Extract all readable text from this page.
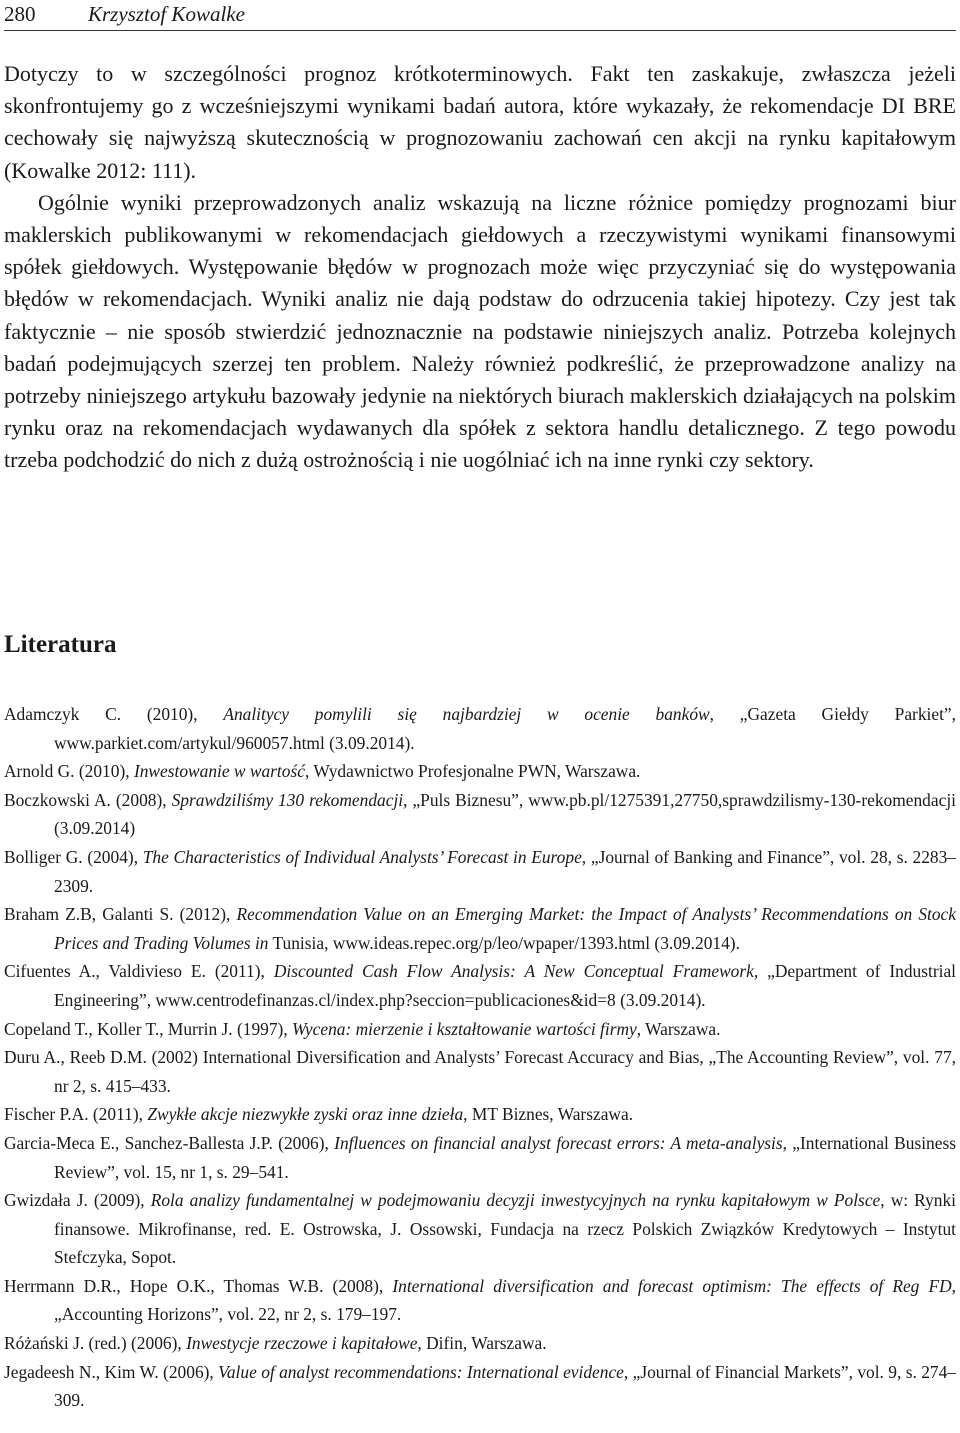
280	Krzysztof Kowalke

Dotyczy to w szczególności prognoz krótkoterminowych. Fakt ten zaskakuje, zwłaszcza jeżeli skonfrontujemy go z wcześniejszymi wynikami badań autora, które wykazały, że rekomendacje DI BRE cechowały się najwyższą skutecznością w prognozowaniu zachowań cen akcji na rynku kapitałowym (Kowalke 2012: 111).

Ogólnie wyniki przeprowadzonych analiz wskazują na liczne różnice pomiędzy prognozami biur maklerskich publikowanymi w rekomendacjach giełdowych a rzeczywistymi wynikami finansowymi spółek giełdowych. Występowanie błędów w prognozach może więc przyczyniać się do występowania błędów w rekomendacjach. Wyniki analiz nie dają podstaw do odrzucenia takiej hipotezy. Czy jest tak faktycznie – nie sposób stwierdzić jednoznacznie na podstawie niniejszych analiz. Potrzeba kolejnych badań podejmujących szerzej ten problem. Należy również podkreślić, że przeprowadzone analizy na potrzeby niniejszego artykułu bazowały jedynie na niektórych biurach maklerskich działających na polskim rynku oraz na rekomendacjach wydawanych dla spółek z sektora handlu detalicznego. Z tego powodu trzeba podchodzić do nich z dużą ostrożnością i nie uogólniać ich na inne rynki czy sektory.

Literatura

Adamczyk C. (2010), Analitycy pomylili się najbardziej w ocenie banków, „Gazeta Giełdy Parkiet”, www.parkiet.com/artykul/960057.html (3.09.2014).

Arnold G. (2010), Inwestowanie w wartość, Wydawnictwo Profesjonalne PWN, Warszawa.

Boczkowski A. (2008), Sprawdziliśmy 130 rekomendacji, „Puls Biznesu”, www.pb.pl/1275391,27750,sprawdzilismy-130-rekomendacji (3.09.2014)

Bolliger G. (2004), The Characteristics of Individual Analysts’ Forecast in Europe, „Journal of Banking and Finance”, vol. 28, s. 2283–2309.

Braham Z.B, Galanti S. (2012), Recommendation Value on an Emerging Market: the Impact of Analysts’ Recommendations on Stock Prices and Trading Volumes in Tunisia, www.ideas.repec.org/p/leo/wpaper/1393.html (3.09.2014).

Cifuentes A., Valdivieso E. (2011), Discounted Cash Flow Analysis: A New Conceptual Framework, „Department of Industrial Engineering”, www.centrodefinanzas.cl/index.php?seccion=publicaciones&id=8 (3.09.2014).

Copeland T., Koller T., Murrin J. (1997), Wycena: mierzenie i kształtowanie wartości firmy, Warszawa.

Duru A., Reeb D.M. (2002) International Diversification and Analysts’ Forecast Accuracy and Bias, „The Accounting Review”, vol. 77, nr 2, s. 415–433.

Fischer P.A. (2011), Zwykłe akcje niezwykłe zyski oraz inne dzieła, MT Biznes, Warszawa.

Garcia-Meca E., Sanchez-Ballesta J.P. (2006), Influences on financial analyst forecast errors: A meta-analysis, „International Business Review”, vol. 15, nr 1, s. 29–541.

Gwizdała J. (2009), Rola analizy fundamentalnej w podejmowaniu decyzji inwestycyjnych na rynku kapitałowym w Polsce, w: Rynki finansowe. Mikrofinanse, red. E. Ostrowska, J. Ossowski, Fundacja na rzecz Polskich Związków Kredytowych – Instytut Stefczyka, Sopot.

Herrmann D.R., Hope O.K., Thomas W.B. (2008), International diversification and forecast optimism: The effects of Reg FD, „Accounting Horizons”, vol. 22, nr 2, s. 179–197.

Różański J. (red.) (2006), Inwestycje rzeczowe i kapitałowe, Difin, Warszawa.

Jegadeesh N., Kim W. (2006), Value of analyst recommendations: International evidence, „Journal of Financial Markets”, vol. 9, s. 274–309.
